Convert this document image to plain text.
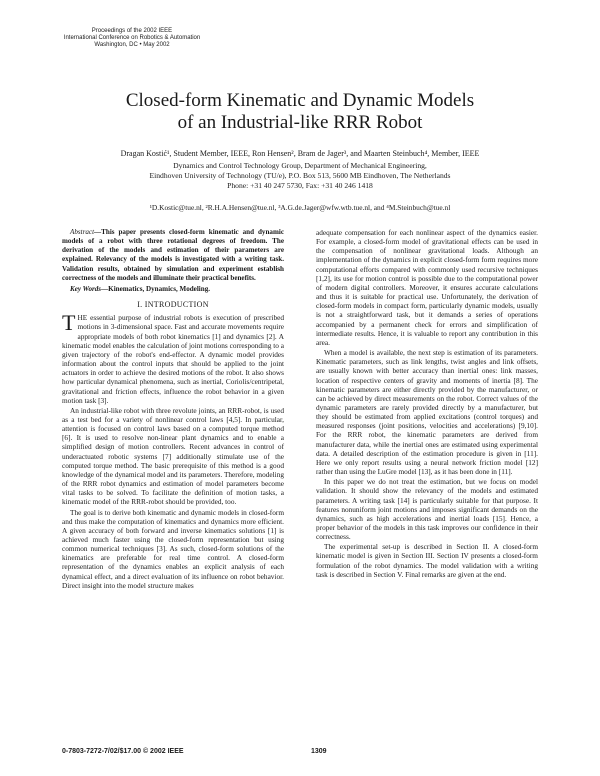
Proceedings of the 2002 IEEE
International Conference on Robotics & Automation
Washington, DC • May 2002
Closed-form Kinematic and Dynamic Models
of an Industrial-like RRR Robot
Dragan Kostić¹, Student Member, IEEE, Ron Hensen², Bram de Jager³, and Maarten Steinbuch⁴, Member, IEEE
Dynamics and Control Technology Group, Department of Mechanical Engineering,
Eindhoven University of Technology (TU/e), P.O. Box 513, 5600 MB Eindhoven, The Netherlands
Phone: +31 40 247 5730, Fax: +31 40 246 1418
¹D.Kostic@tue.nl, ²R.H.A.Hensen@tue.nl, ³A.G.de.Jager@wfw.wtb.tue.nl, and ⁴M.Steinbuch@tue.nl

Abstract—This paper presents closed-form kinematic and dynamic models of a robot with three rotational degrees of freedom. The derivation of the models and estimation of their parameters are explained. Relevancy of the models is investigated with a writing task. Validation results, obtained by simulation and experiment establish correctness of the models and illuminate their practical benefits.

Key Words—Kinematics, Dynamics, Modeling.

I. INTRODUCTION

THE essential purpose of industrial robots is execution of prescribed motions in 3-dimensional space. Fast and accurate movements require appropriate models of both robot kinematics [1] and dynamics [2]. A kinematic model enables the calculation of joint motions corresponding to a given trajectory of the robot's end-effector. A dynamic model provides information about the control inputs that should be applied to the joint actuators in order to achieve the desired motions of the robot. It also shows how particular dynamical phenomena, such as inertial, Coriolis/centripetal, gravitational and friction effects, influence the robot behavior in a given motion task [3].

An industrial-like robot with three revolute joints, an RRR-robot, is used as a test bed for a variety of nonlinear control laws [4,5]. In particular, attention is focused on control laws based on a computed torque method [6]. It is used to resolve non-linear plant dynamics and to enable a simplified design of motion controllers. Recent advances in control of underactuated robotic systems [7] additionally stimulate use of the computed torque method. The basic prerequisite of this method is a good knowledge of the dynamical model and its parameters. Therefore, modeling of the RRR robot dynamics and estimation of model parameters become vital tasks to be solved. To facilitate the definition of motion tasks, a kinematic model of the RRR-robot should be provided, too.

The goal is to derive both kinematic and dynamic models in closed-form and thus make the computation of kinematics and dynamics more efficient. A given accuracy of both forward and inverse kinematics solutions [1] is achieved much faster using the closed-form representation but using common numerical techniques [3]. As such, closed-form solutions of the kinematics are preferable for real time control. A closed-form representation of the dynamics enables an explicit analysis of each dynamical effect, and a direct evaluation of its influence on robot behavior. Direct insight into the model structure makes

adequate compensation for each nonlinear aspect of the dynamics easier. For example, a closed-form model of gravitational effects can be used in the compensation of nonlinear gravitational loads. Although an implementation of the dynamics in explicit closed-form form requires more computational efforts compared with commonly used recursive techniques [1,2], its use for motion control is possible due to the computational power of modern digital controllers. Moreover, it ensures accurate calculations and thus it is suitable for practical use. Unfortunately, the derivation of closed-form models in compact form, particularly dynamic models, usually is not a straightforward task, but it demands a series of operations accompanied by a permanent check for errors and simplification of intermediate results. Hence, it is valuable to report any contribution in this area.

When a model is available, the next step is estimation of its parameters. Kinematic parameters, such as link lengths, twist angles and link offsets, are usually known with better accuracy than inertial ones: link masses, location of respective centers of gravity and moments of inertia [8]. The kinematic parameters are either directly provided by the manufacturer, or can be achieved by direct measurements on the robot. Correct values of the dynamic parameters are rarely provided directly by a manufacturer, but they should be estimated from applied excitations (control torques) and measured responses (joint positions, velocities and accelerations) [9,10]. For the RRR robot, the kinematic parameters are derived from manufacturer data, while the inertial ones are estimated using experimental data. A detailed description of the estimation procedure is given in [11]. Here we only report results using a neural network friction model [12] rather than using the LuGre model [13], as it has been done in [11].

In this paper we do not treat the estimation, but we focus on model validation. It should show the relevancy of the models and estimated parameters. A writing task [14] is particularly suitable for that purpose. It features nonuniform joint motions and imposes significant demands on the dynamics, such as high accelerations and inertial loads [15]. Hence, a proper behavior of the models in this task improves our confidence in their correctness.

The experimental set-up is described in Section II. A closed-form kinematic model is given in Section III. Section IV presents a closed-form formulation of the robot dynamics. The model validation with a writing task is described in Section V. Final remarks are given at the end.

0-7803-7272-7/02/$17.00 © 2002 IEEE	1309
